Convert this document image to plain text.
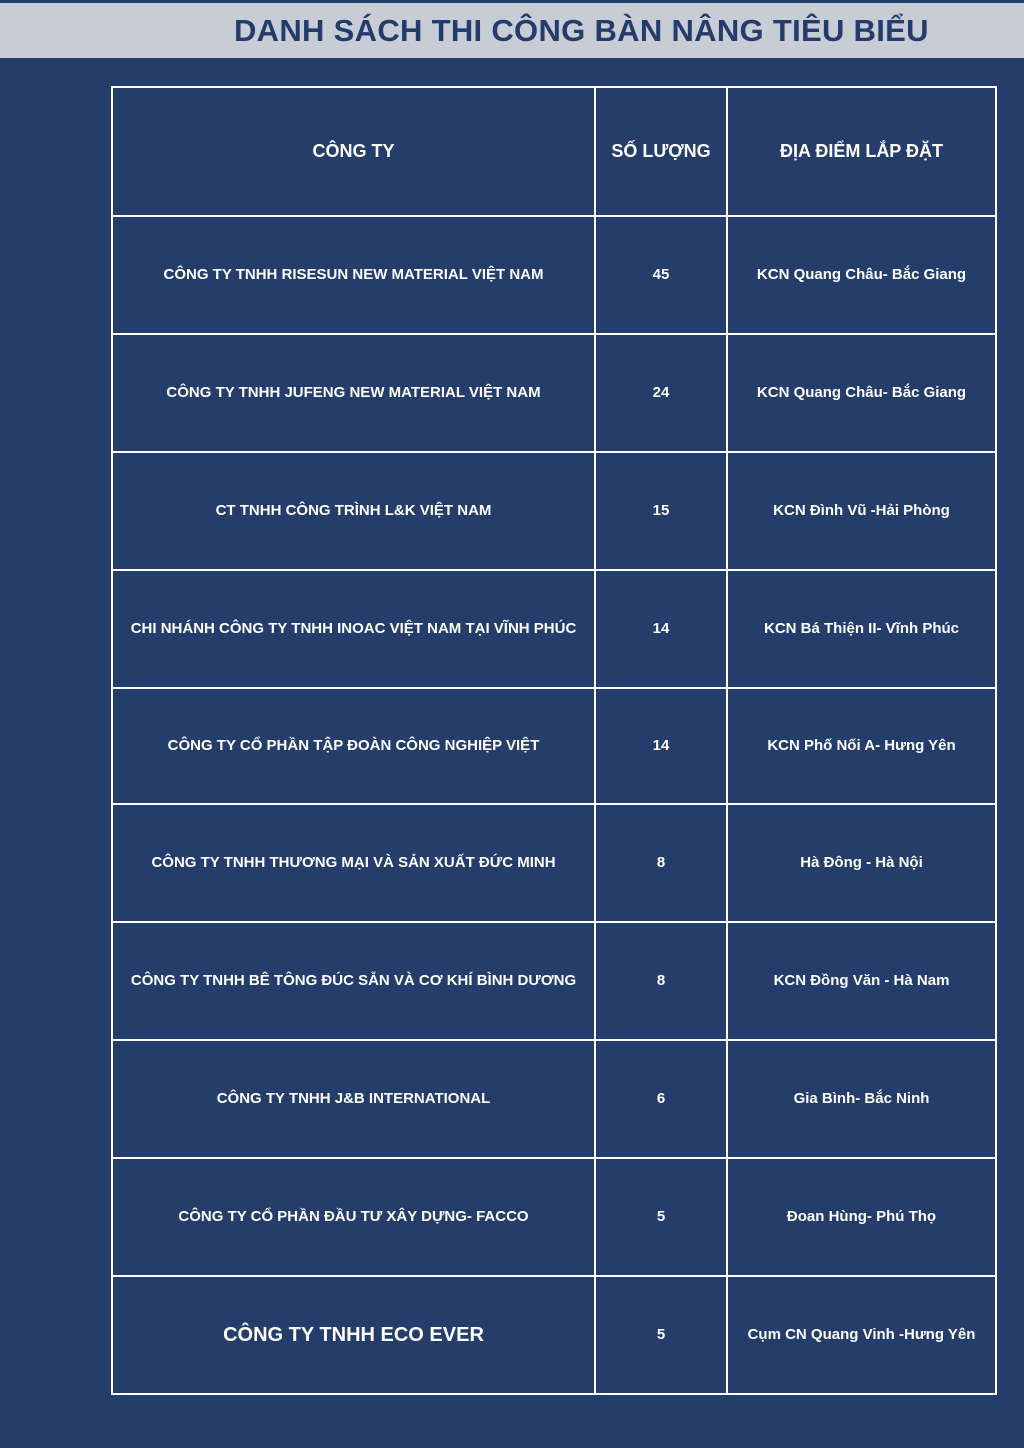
DANH SÁCH THI CÔNG BÀN NÂNG TIÊU BIỂU
CÔNG TY	SỐ LƯỢNG	ĐỊA ĐIỂM LẮP ĐẶT
CÔNG TY TNHH RISESUN NEW MATERIAL VIỆT NAM	45	KCN Quang Châu- Bắc Giang
CÔNG TY TNHH JUFENG NEW MATERIAL VIỆT NAM	24	KCN Quang Châu- Bắc Giang
CT TNHH CÔNG TRÌNH L&K VIỆT NAM	15	KCN Đình Vũ -Hải Phòng
CHI NHÁNH CÔNG TY TNHH INOAC VIỆT NAM TẠI VĨNH PHÚC	14	KCN Bá Thiện II- Vĩnh Phúc
CÔNG TY CỔ PHẦN TẬP ĐOÀN CÔNG NGHIỆP VIỆT	14	KCN Phố Nối A- Hưng Yên
CÔNG TY TNHH THƯƠNG MẠI VÀ SẢN XUẤT ĐỨC MINH	8	Hà Đông - Hà Nội
CÔNG TY TNHH BÊ TÔNG ĐÚC SẴN VÀ CƠ KHÍ BÌNH DƯƠNG	8	KCN Đồng Văn - Hà Nam
CÔNG TY TNHH J&B INTERNATIONAL	6	Gia Bình- Bắc Ninh
CÔNG TY CỔ PHẦN ĐẦU TƯ XÂY DỰNG- FACCO	5	Đoan Hùng- Phú Thọ
CÔNG TY TNHH ECO EVER	5	Cụm CN Quang Vinh -Hưng Yên
